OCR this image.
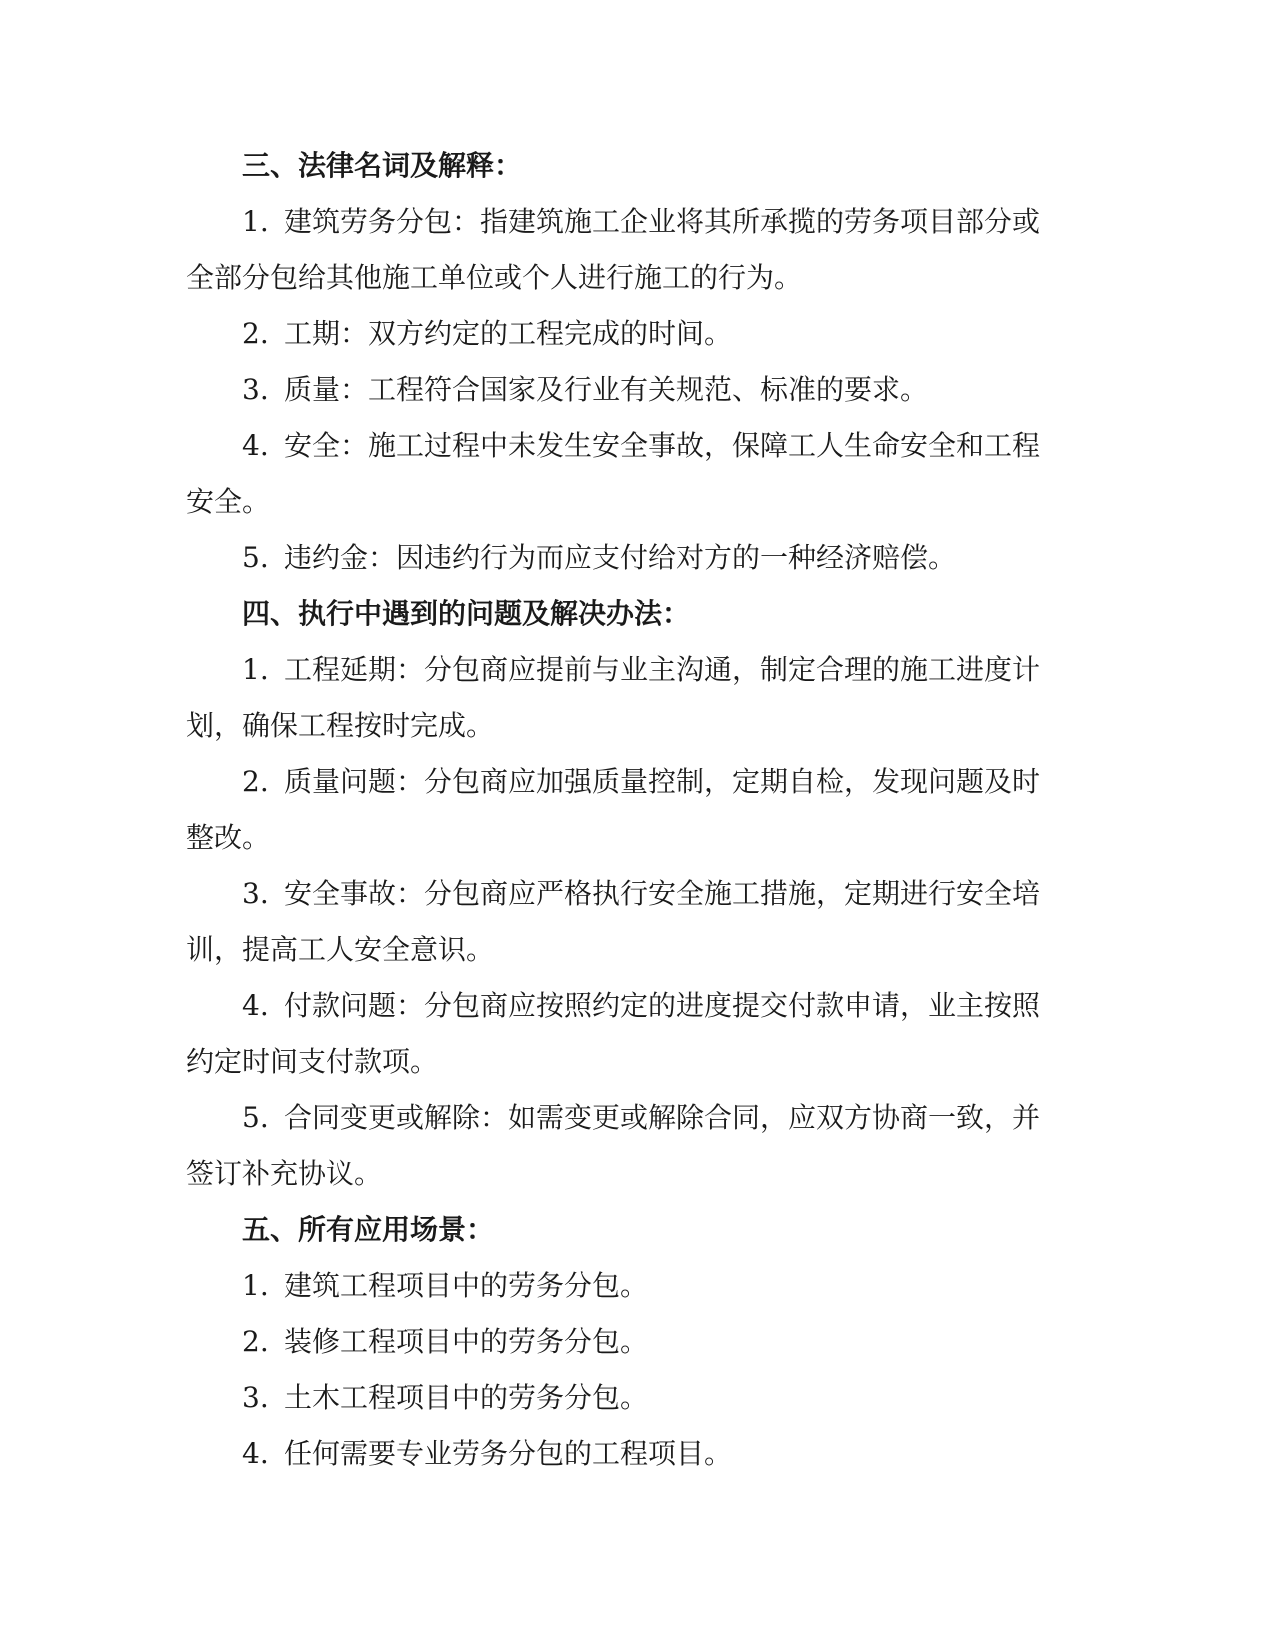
三、法律名词及解释：

1. 建筑劳务分包：指建筑施工企业将其所承揽的劳务项目部分或

全部分包给其他施工单位或个人进行施工的行为。

2. 工期：双方约定的工程完成的时间。

3. 质量：工程符合国家及行业有关规范、标准的要求。

4. 安全：施工过程中未发生安全事故，保障工人生命安全和工程

安全。

5. 违约金：因违约行为而应支付给对方的一种经济赔偿。

四、执行中遇到的问题及解决办法：

1. 工程延期：分包商应提前与业主沟通，制定合理的施工进度计

划，确保工程按时完成。

2. 质量问题：分包商应加强质量控制，定期自检，发现问题及时

整改。

3. 安全事故：分包商应严格执行安全施工措施，定期进行安全培

训，提高工人安全意识。

4. 付款问题：分包商应按照约定的进度提交付款申请，业主按照

约定时间支付款项。

5. 合同变更或解除：如需变更或解除合同，应双方协商一致，并

签订补充协议。

五、所有应用场景：

1. 建筑工程项目中的劳务分包。

2. 装修工程项目中的劳务分包。

3. 土木工程项目中的劳务分包。

4. 任何需要专业劳务分包的工程项目。
